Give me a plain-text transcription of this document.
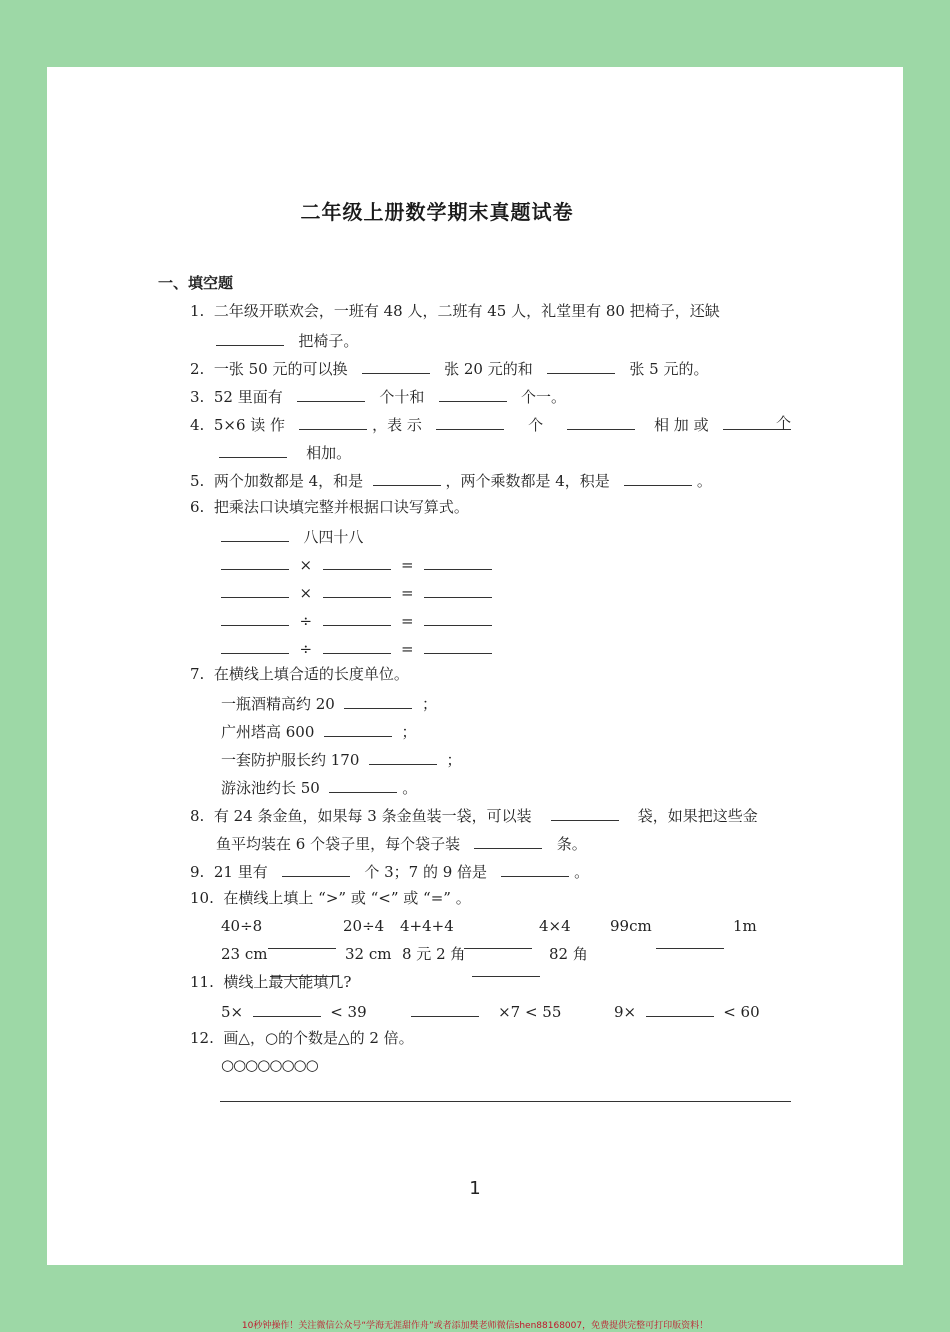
二年级上册数学期末真题试卷
一、填空题
1. 二年级开联欢会，一班有 48 人，二班有 45 人，礼堂里有 80 把椅子，还缺
把椅子。
2. 一张 50 元的可以换	张 20 元的和	张 5 元的。
3. 52 里面有	个十和	个一。
4. 5×6 读 作	，表 示	个	相 加 或	个
相加。
5. 两个加数都是 4，和是	，两个乘数都是 4，积是	。
6. 把乘法口诀填完整并根据口诀写算式。
八四十八
×	=
×	=
÷	=
÷	=
7. 在横线上填合适的长度单位。
一瓶酒精高约 20	；
广州塔高 600	；
一套防护服长约 170	；
游泳池约长 50	。
8. 有 24 条金鱼，如果每 3 条金鱼装一袋，可以装	袋，如果把这些金
鱼平均装在 6 个袋子里，每个袋子装	条。
9. 21 里有	个 3；7 的 9 倍是	。
10. 在横线上填上 “>” 或 “<” 或 “=” 。
40÷8	20÷4 4+4+4	4×4	99cm	1m
23 cm	32 cm 8 元 2 角	82 角
11. 横线上最大能填几?
5×	< 39	×7 < 55	9×	< 60
12. 画△，○的个数是△的 2 倍。
○○○○○○○○
1
10秒钟操作！关注微信公众号“学海无涯甜作舟”或者添加樊老师微信shen88168007，免费提供完整可打印版资料！
